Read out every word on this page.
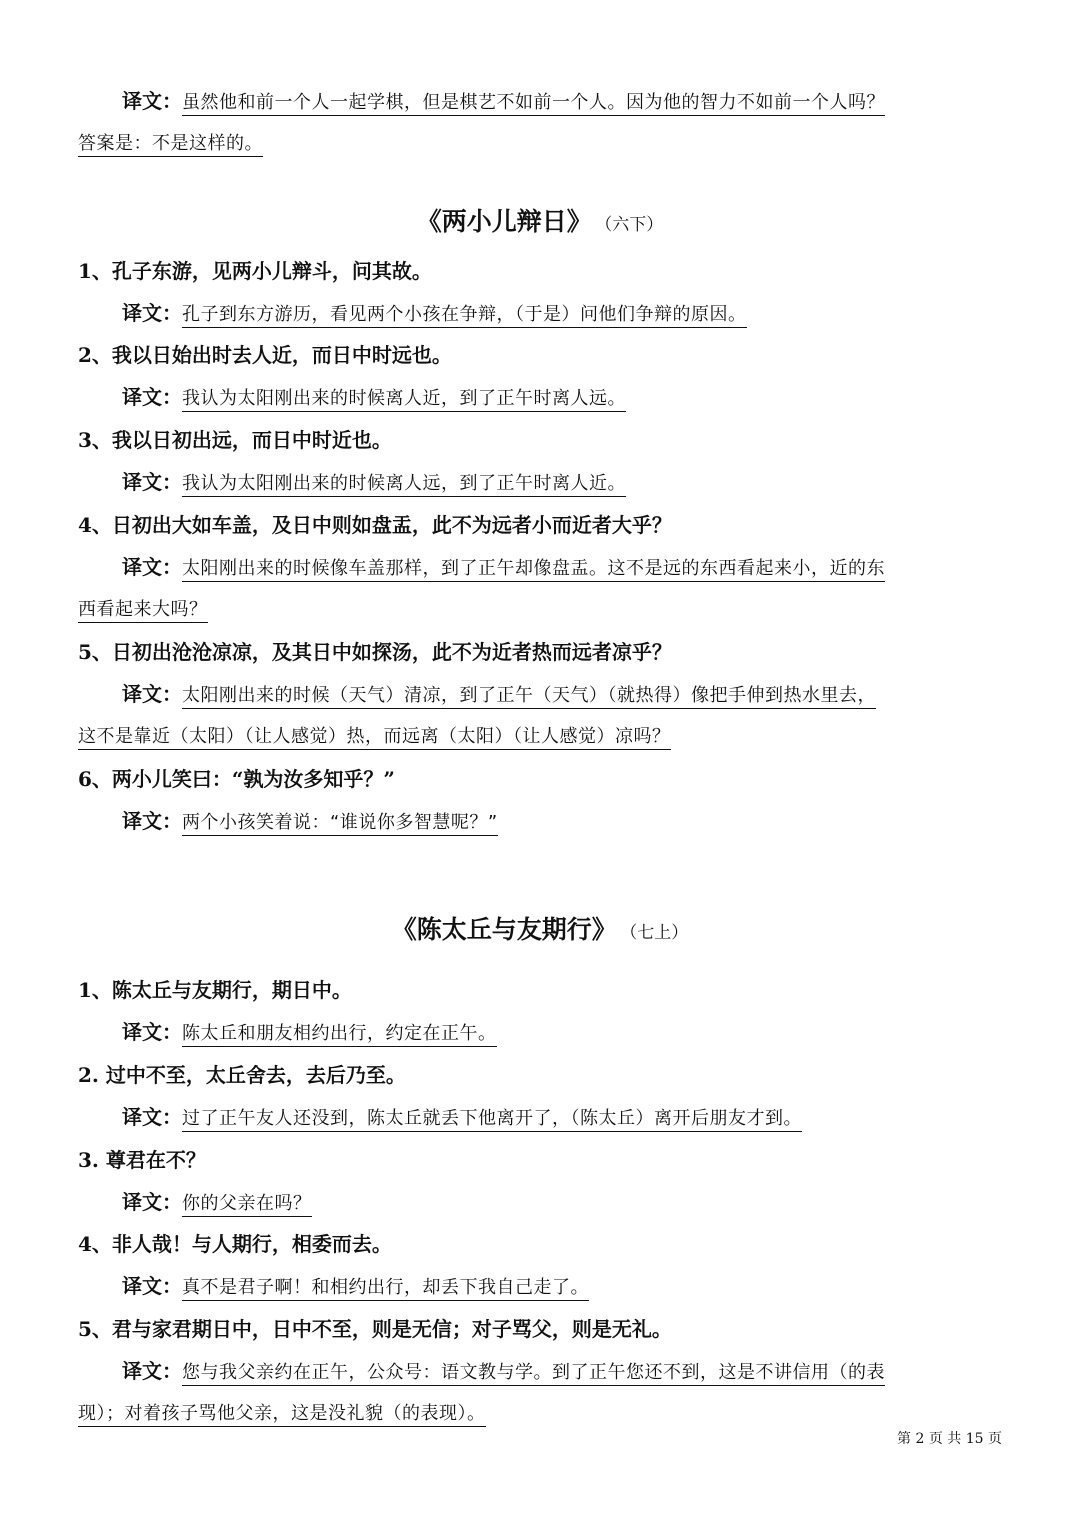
译文：虽然他和前一个人一起学棋，但是棋艺不如前一个人。因为他的智力不如前一个人吗？
答案是：不是这样的。
《两小儿辩日》 （六下）
1、孔子东游，见两小儿辩斗，问其故。
译文：孔子到东方游历，看见两个小孩在争辩，（于是）问他们争辩的原因。
2、我以日始出时去人近，而日中时远也。
译文：我认为太阳刚出来的时候离人近，到了正午时离人远。
3、我以日初出远，而日中时近也。
译文：我认为太阳刚出来的时候离人远，到了正午时离人近。
4、日初出大如车盖，及日中则如盘盂，此不为远者小而近者大乎？
译文：太阳刚出来的时候像车盖那样，到了正午却像盘盂。这不是远的东西看起来小，近的东
西看起来大吗？
5、日初出沧沧凉凉，及其日中如探汤，此不为近者热而远者凉乎？
译文：太阳刚出来的时候（天气）清凉，到了正午（天气）（就热得）像把手伸到热水里去，
这不是靠近（太阳）（让人感觉）热，而远离（太阳）（让人感觉）凉吗？
6、两小儿笑曰：“孰为汝多知乎？”
译文：两个小孩笑着说：“谁说你多智慧呢？”
《陈太丘与友期行》 （七上）
1、陈太丘与友期行，期日中。
译文：陈太丘和朋友相约出行，约定在正午。
2. 过中不至，太丘舍去，去后乃至。
译文：过了正午友人还没到，陈太丘就丢下他离开了，（陈太丘）离开后朋友才到。
3. 尊君在不？
译文：你的父亲在吗？
4、非人哉！与人期行，相委而去。
译文：真不是君子啊！和相约出行，却丢下我自己走了。
5、君与家君期日中，日中不至，则是无信；对子骂父，则是无礼。
译文：您与我父亲约在正午，公众号：语文教与学。到了正午您还不到，这是不讲信用（的表
现）；对着孩子骂他父亲，这是没礼貌（的表现）。
第 2 页 共 15 页
